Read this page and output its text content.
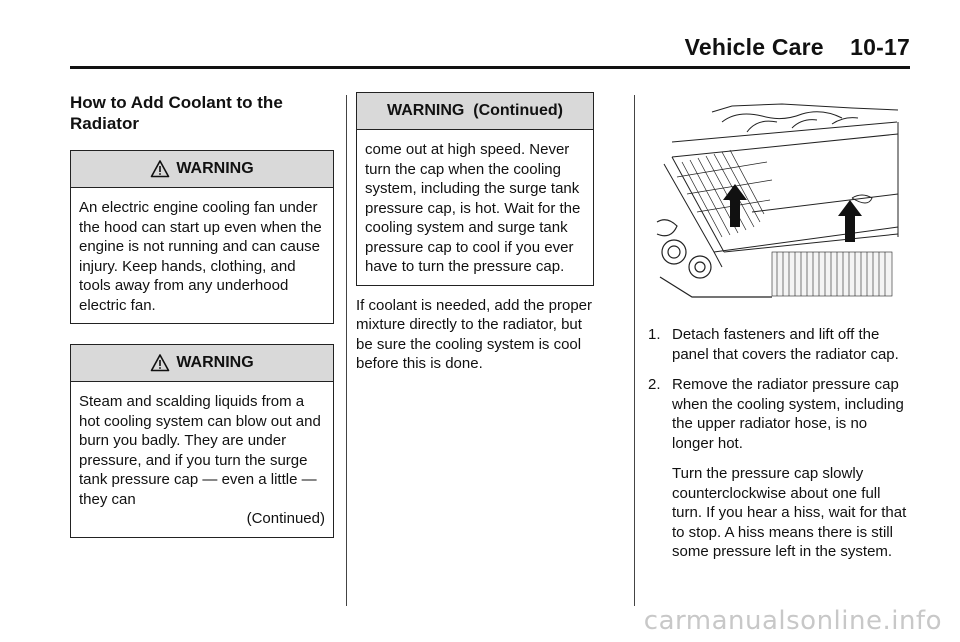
Vehicle Care 10-17
How to Add Coolant to the Radiator
WARNING
An electric engine cooling fan under the hood can start up even when the engine is not running and can cause injury. Keep hands, clothing, and tools away from any underhood electric fan.
WARNING
Steam and scalding liquids from a hot cooling system can blow out and burn you badly. They are under pressure, and if you turn the surge tank pressure cap — even a little — they can
(Continued)
WARNING  (Continued)
come out at high speed. Never turn the cap when the cooling system, including the surge tank pressure cap, is hot. Wait for the cooling system and surge tank pressure cap to cool if you ever have to turn the pressure cap.
If coolant is needed, add the proper mixture directly to the radiator, but be sure the cooling system is cool before this is done.
1. Detach fasteners and lift off the panel that covers the radiator cap.
2. Remove the radiator pressure cap when the cooling system, including the upper radiator hose, is no longer hot.
Turn the pressure cap slowly counterclockwise about one full turn. If you hear a hiss, wait for that to stop. A hiss means there is still some pressure left in the system.
carmanualsonline.info
